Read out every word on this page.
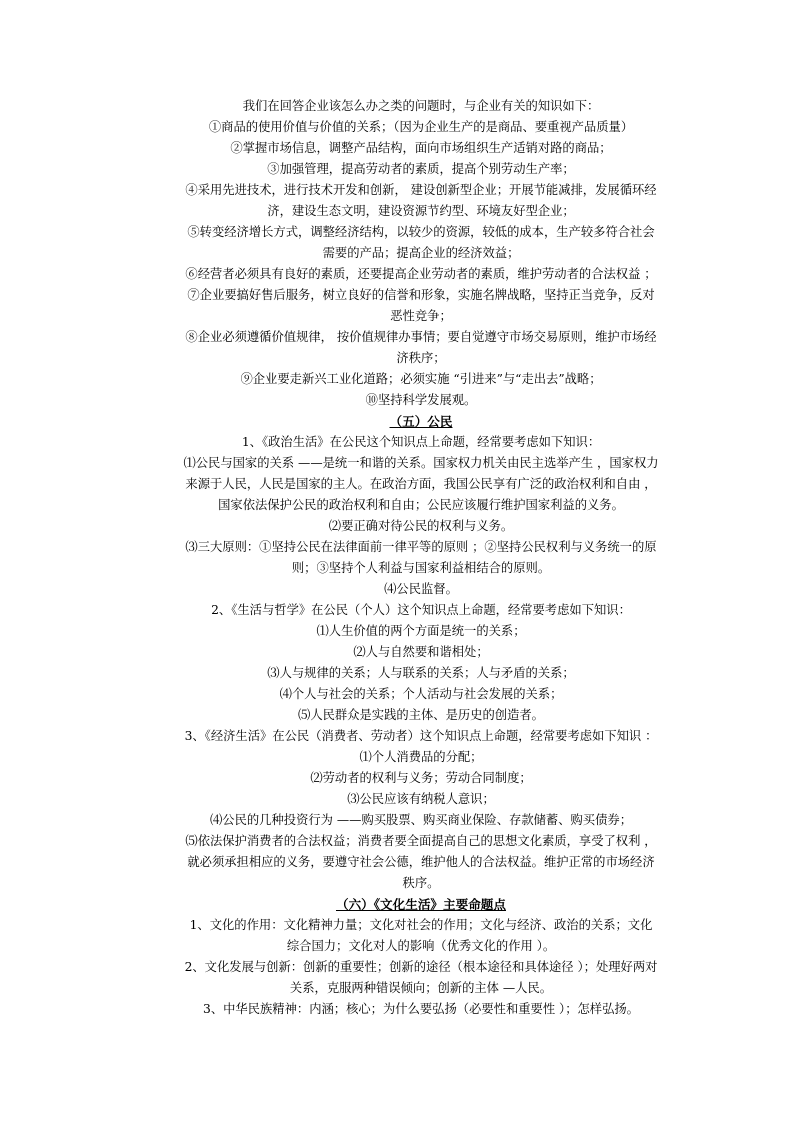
我们在回答企业该怎么办之类的问题时，与企业有关的知识如下：

①商品的使用价值与价值的关系；（因为企业生产的是商品、要重视产品质量）

②掌握市场信息，调整产品结构，面向市场组织生产适销对路的商品；

③加强管理，提高劳动者的素质，提高个别劳动生产率；

④采用先进技术，进行技术开发和创新， 建设创新型企业；开展节能减排，发展循环经

济，建设生态文明，建设资源节约型、环境友好型企业；

⑤转变经济增长方式，调整经济结构，以较少的资源，较低的成本，生产较多符合社会

需要的产品；提高企业的经济效益；

⑥经营者必须具有良好的素质，还要提高企业劳动者的素质，维护劳动者的合法权益 ；

⑦企业要搞好售后服务，树立良好的信誉和形象，实施名牌战略，坚持正当竞争，反对

恶性竞争；

⑧企业必须遵循价值规律， 按价值规律办事情；要自觉遵守市场交易原则，维护市场经

济秩序；

⑨企业要走新兴工业化道路；必须实施 “引进来”与“走出去”战略；

⑩坚持科学发展观。

（五）公民

1、《政治生活》在公民这个知识点上命题，经常要考虑如下知识：

⑴公民与国家的关系 ——是统一和谐的关系。国家权力机关由民主选举产生 ，国家权力

来源于人民，人民是国家的主人。在政治方面，我国公民享有广泛的政治权利和自由 ，

国家依法保护公民的政治权利和自由；公民应该履行维护国家利益的义务。

⑵要正确对待公民的权利与义务。

⑶三大原则：①坚持公民在法律面前一律平等的原则 ；②坚持公民权利与义务统一的原

则；③坚持个人利益与国家利益相结合的原则。

⑷公民监督。

2、《生活与哲学》在公民（个人）这个知识点上命题，经常要考虑如下知识：

⑴人生价值的两个方面是统一的关系；

⑵人与自然要和谐相处；

⑶人与规律的关系；人与联系的关系；人与矛盾的关系；

⑷个人与社会的关系；个人活动与社会发展的关系；

⑸人民群众是实践的主体、是历史的创造者。

3、《经济生活》在公民（消费者、劳动者）这个知识点上命题，经常要考虑如下知识 ：

⑴个人消费品的分配；

⑵劳动者的权利与义务；劳动合同制度；

⑶公民应该有纳税人意识；

⑷公民的几种投资行为 ——购买股票、购买商业保险、存款储蓄、购买债券；

⑸依法保护消费者的合法权益；消费者要全面提高自己的思想文化素质，享受了权利 ，

就必须承担相应的义务，要遵守社会公德，维护他人的合法权益。维护正常的市场经济

秩序。

（六）《文化生活》主要命题点

1、文化的作用：文化精神力量；文化对社会的作用；文化与经济、政治的关系；文化

综合国力；文化对人的影响（优秀文化的作用 ）。

2、文化发展与创新：创新的重要性；创新的途径（根本途径和具体途径 ）；处理好两对

关系，克服两种错误倾向；创新的主体 —人民。

3、中华民族精神：内涵；核心；为什么要弘扬（必要性和重要性 ）；怎样弘扬。
